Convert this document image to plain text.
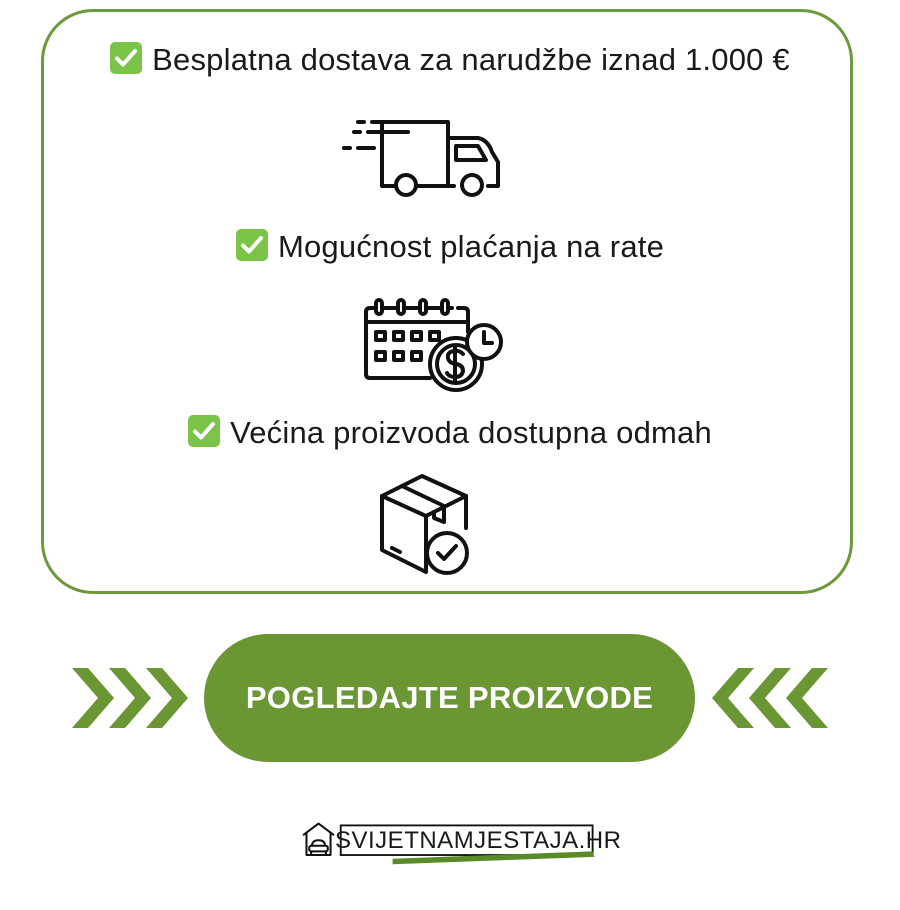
Besplatna dostava za narudžbe iznad 1.000 €
Mogućnost plaćanja na rate
Većina proizvoda dostupna odmah
POGLEDAJTE PROIZVODE
SVIJETNAMJESTAJA.HR
